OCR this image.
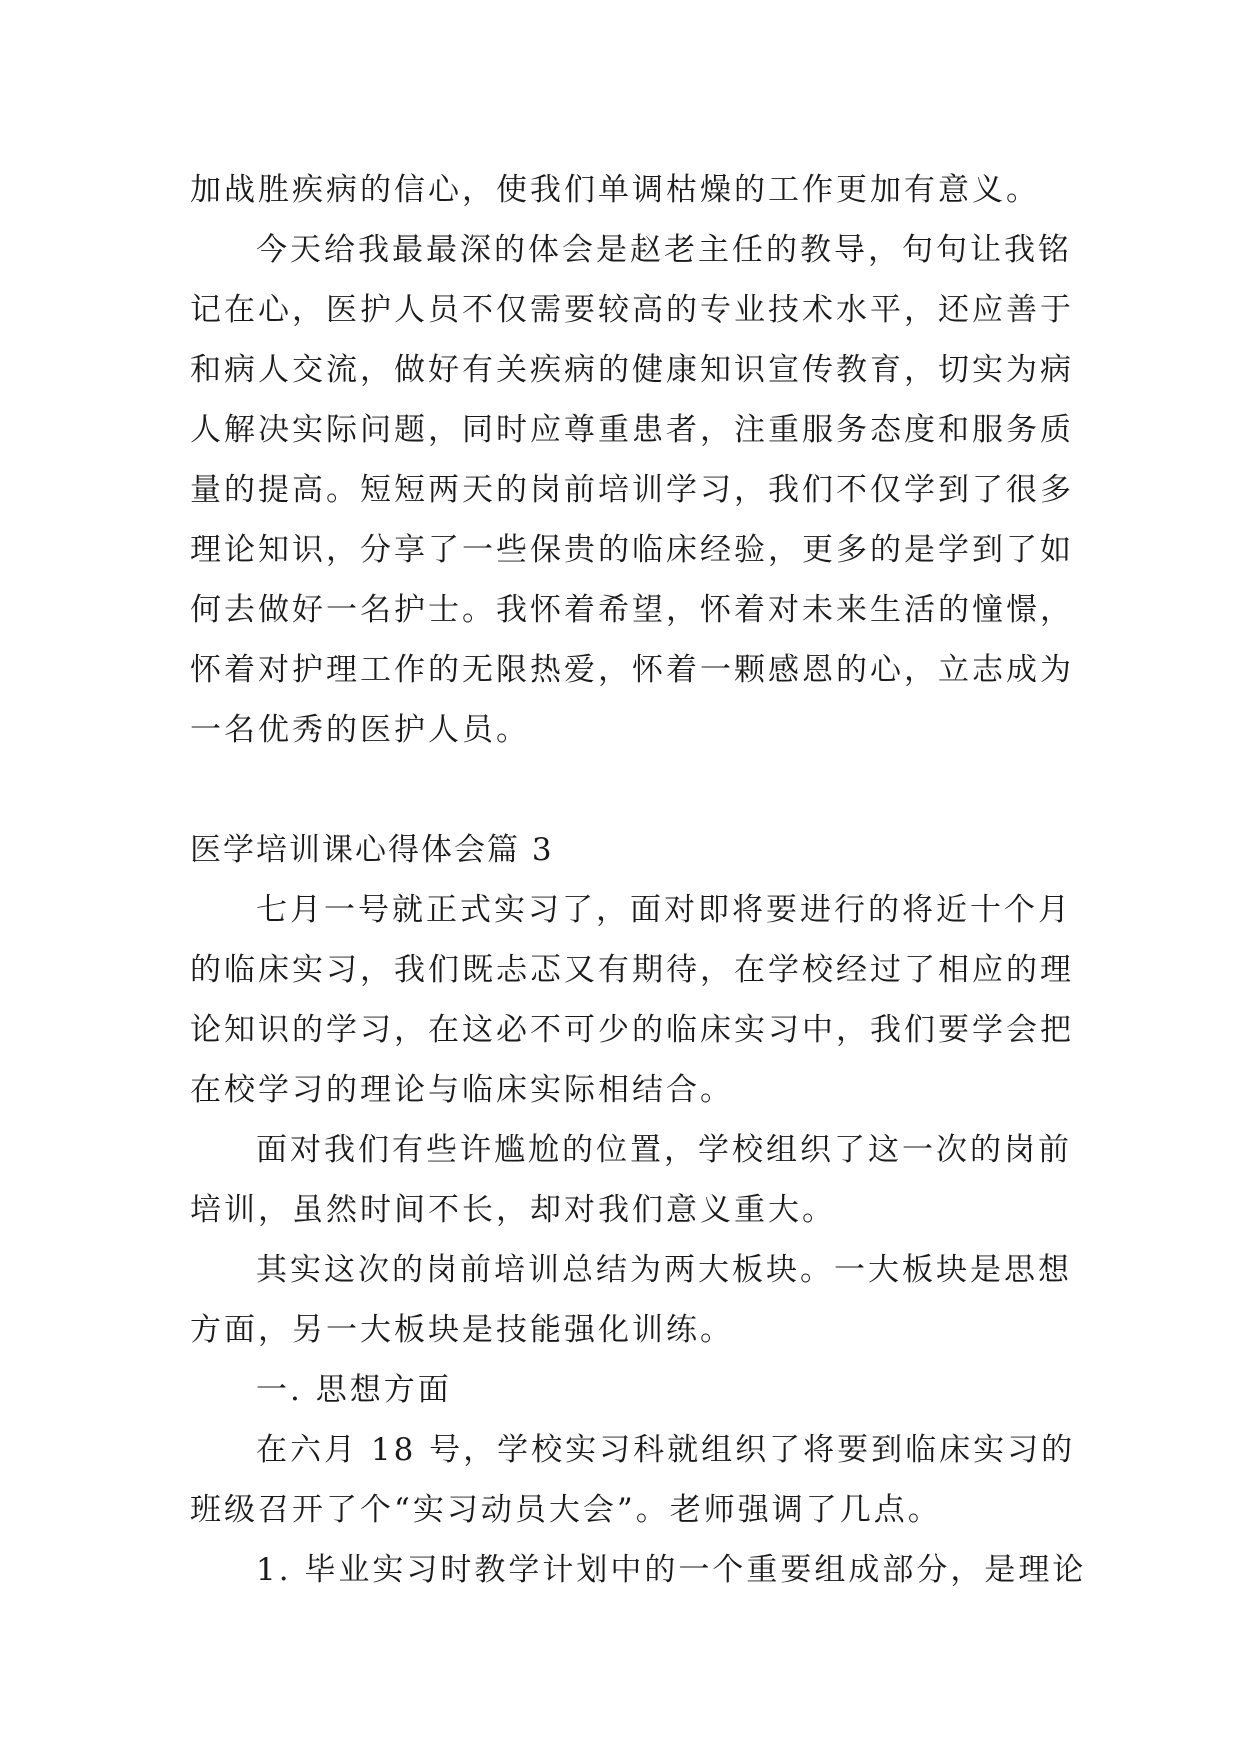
加战胜疾病的信心，使我们单调枯燥的工作更加有意义。
今天给我最最深的体会是赵老主任的教导，句句让我铭
记在心，医护人员不仅需要较高的专业技术水平，还应善于
和病人交流，做好有关疾病的健康知识宣传教育，切实为病
人解决实际问题，同时应尊重患者，注重服务态度和服务质
量的提高。短短两天的岗前培训学习，我们不仅学到了很多
理论知识，分享了一些保贵的临床经验，更多的是学到了如
何去做好一名护士。我怀着希望，怀着对未来生活的憧憬，
怀着对护理工作的无限热爱，怀着一颗感恩的心，立志成为
一名优秀的医护人员。
医学培训课心得体会篇 3
七月一号就正式实习了，面对即将要进行的将近十个月
的临床实习，我们既忐忑又有期待，在学校经过了相应的理
论知识的学习，在这必不可少的临床实习中，我们要学会把
在校学习的理论与临床实际相结合。
面对我们有些许尴尬的位置，学校组织了这一次的岗前
培训，虽然时间不长，却对我们意义重大。
其实这次的岗前培训总结为两大板块。一大板块是思想
方面，另一大板块是技能强化训练。
一. 思想方面
在六月 18 号，学校实习科就组织了将要到临床实习的
班级召开了个“实习动员大会”。老师强调了几点。
1. 毕业实习时教学计划中的一个重要组成部分，是理论
